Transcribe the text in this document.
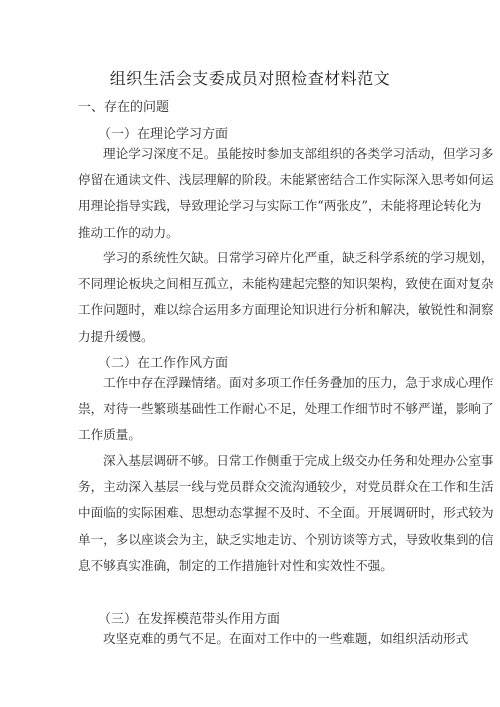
组织生活会支委成员对照检查材料范文
一、存在的问题
（一）在理论学习方面
理论学习深度不足。虽能按时参加支部组织的各类学习活动，但学习多
停留在通读文件、浅层理解的阶段。未能紧密结合工作实际深入思考如何运
用理论指导实践，导致理论学习与实际工作“两张皮”，未能将理论转化为
推动工作的动力。
学习的系统性欠缺。日常学习碎片化严重，缺乏科学系统的学习规划，
不同理论板块之间相互孤立，未能构建起完整的知识架构，致使在面对复杂
工作问题时，难以综合运用多方面理论知识进行分析和解决，敏锐性和洞察
力提升缓慢。
（二）在工作作风方面
工作中存在浮躁情绪。面对多项工作任务叠加的压力，急于求成心理作
祟，对待一些繁琐基础性工作耐心不足，处理工作细节时不够严谨，影响了
工作质量。
深入基层调研不够。日常工作侧重于完成上级交办任务和处理办公室事
务，主动深入基层一线与党员群众交流沟通较少，对党员群众在工作和生活
中面临的实际困难、思想动态掌握不及时、不全面。开展调研时，形式较为
单一，多以座谈会为主，缺乏实地走访、个别访谈等方式，导致收集到的信
息不够真实准确，制定的工作措施针对性和实效性不强。
（三）在发挥模范带头作用方面
攻坚克难的勇气不足。在面对工作中的一些难题，如组织活动形式
